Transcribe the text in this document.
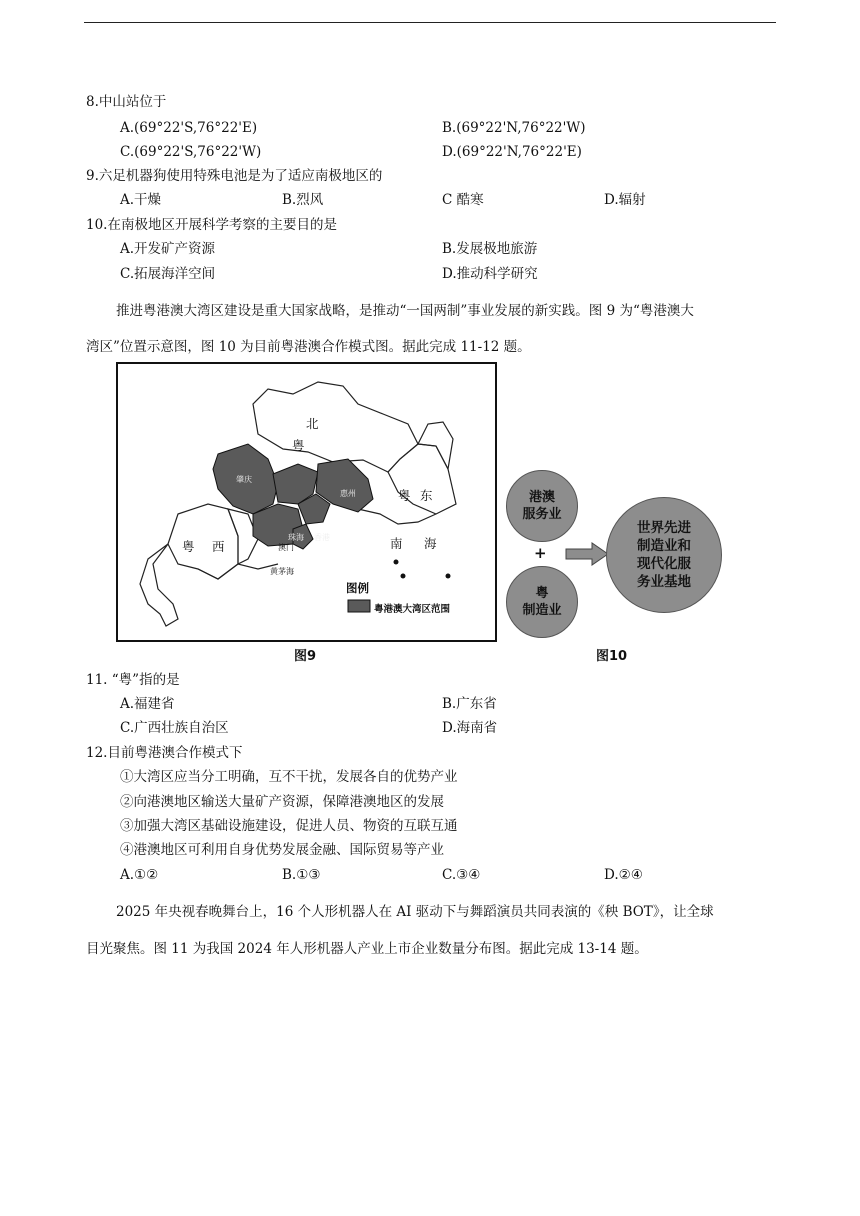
8.中山站位于
A.(69°22'S,76°22'E)	B.(69°22'N,76°22'W)
C.(69°22'S,76°22'W)	D.(69°22'N,76°22'E)
9.六足机器狗使用特殊电池是为了适应南极地区的
A.干燥	B.烈风	C 酷寒	D.辐射
10.在南极地区开展科学考察的主要目的是
A.开发矿产资源	B.发展极地旅游
C.拓展海洋空间	D.推动科学研究
推进粤港澳大湾区建设是重大国家战略，是推动“一国两制”事业发展的新实践。图 9 为“粤港澳大
湾区”位置示意图，图 10 为目前粤港澳合作模式图。据此完成 11-12 题。
北
粤
粤 东
粤 西	南 海
肇庆
惠州
珠海
澳门
香港
黄茅海
图例
粤港澳大湾区范围
图9
港澳
服务业
+
粤
制造业
世界先进
制造业和
现代化服
务业基地
图10
11. “粤”指的是
A.福建省	B.广东省
C.广西壮族自治区	D.海南省
12.目前粤港澳合作模式下
①大湾区应当分工明确，互不干扰，发展各自的优势产业
②向港澳地区输送大量矿产资源，保障港澳地区的发展
③加强大湾区基础设施建设，促进人员、物资的互联互通
④港澳地区可利用自身优势发展金融、国际贸易等产业
A.①②	B.①③	C.③④	D.②④
2025 年央视春晚舞台上，16 个人形机器人在 AI 驱动下与舞蹈演员共同表演的《秧 BOT》，让全球
目光聚焦。图 11 为我国 2024 年人形机器人产业上市企业数量分布图。据此完成 13-14 题。
